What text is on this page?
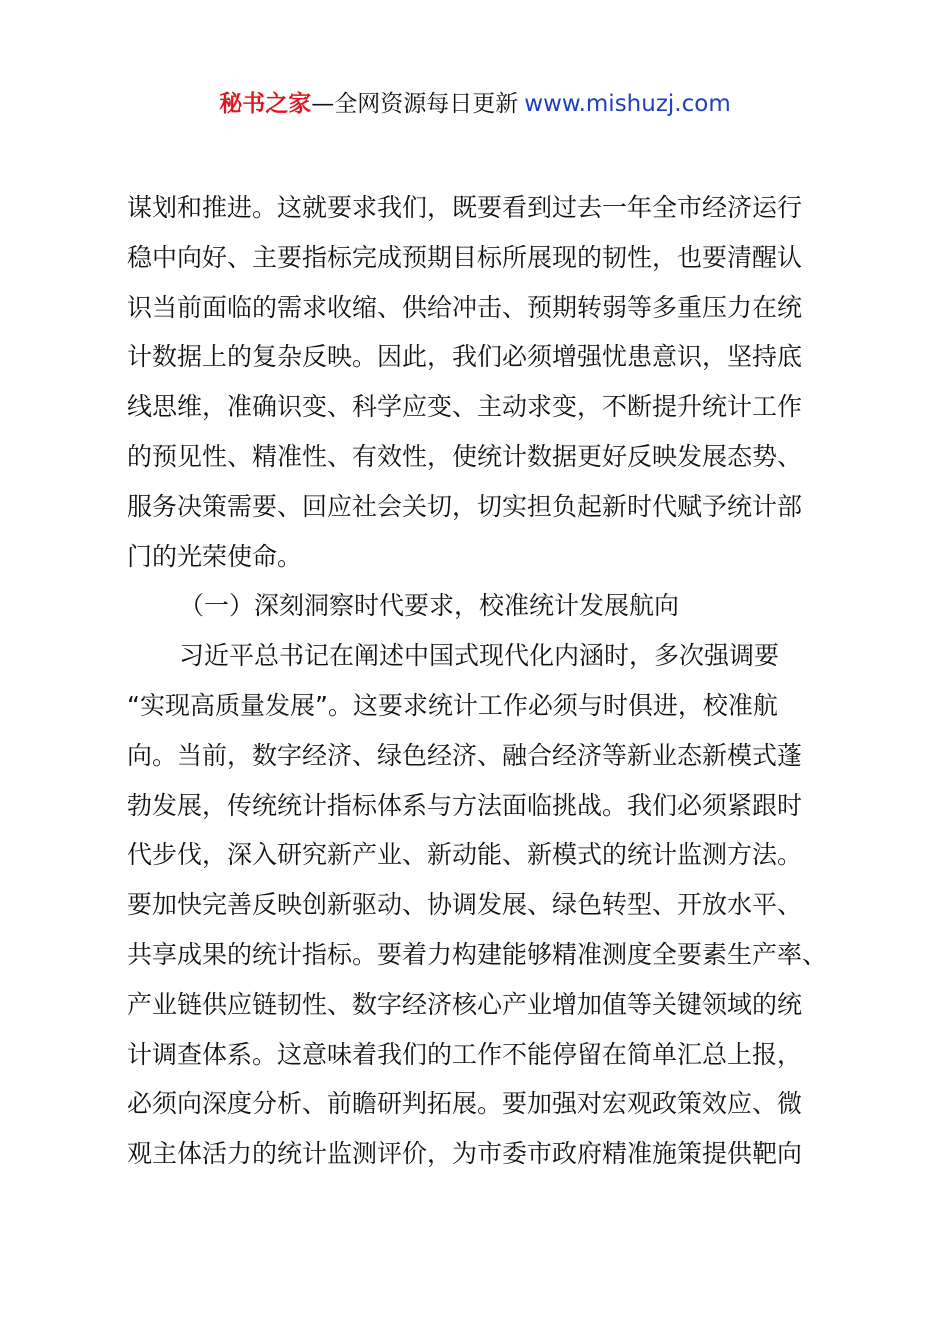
秘书之家—全网资源每日更新 www.mishuzj.com
谋划和推进。这就要求我们，既要看到过去一年全市经济运行
稳中向好、主要指标完成预期目标所展现的韧性，也要清醒认
识当前面临的需求收缩、供给冲击、预期转弱等多重压力在统
计数据上的复杂反映。因此，我们必须增强忧患意识，坚持底
线思维，准确识变、科学应变、主动求变，不断提升统计工作
的预见性、精准性、有效性，使统计数据更好反映发展态势、
服务决策需要、回应社会关切，切实担负起新时代赋予统计部
门的光荣使命。
（一）深刻洞察时代要求，校准统计发展航向
习近平总书记在阐述中国式现代化内涵时，多次强调要
“实现高质量发展”。这要求统计工作必须与时俱进，校准航
向。当前，数字经济、绿色经济、融合经济等新业态新模式蓬
勃发展，传统统计指标体系与方法面临挑战。我们必须紧跟时
代步伐，深入研究新产业、新动能、新模式的统计监测方法。
要加快完善反映创新驱动、协调发展、绿色转型、开放水平、
共享成果的统计指标。要着力构建能够精准测度全要素生产率、
产业链供应链韧性、数字经济核心产业增加值等关键领域的统
计调查体系。这意味着我们的工作不能停留在简单汇总上报，
必须向深度分析、前瞻研判拓展。要加强对宏观政策效应、微
观主体活力的统计监测评价，为市委市政府精准施策提供靶向
